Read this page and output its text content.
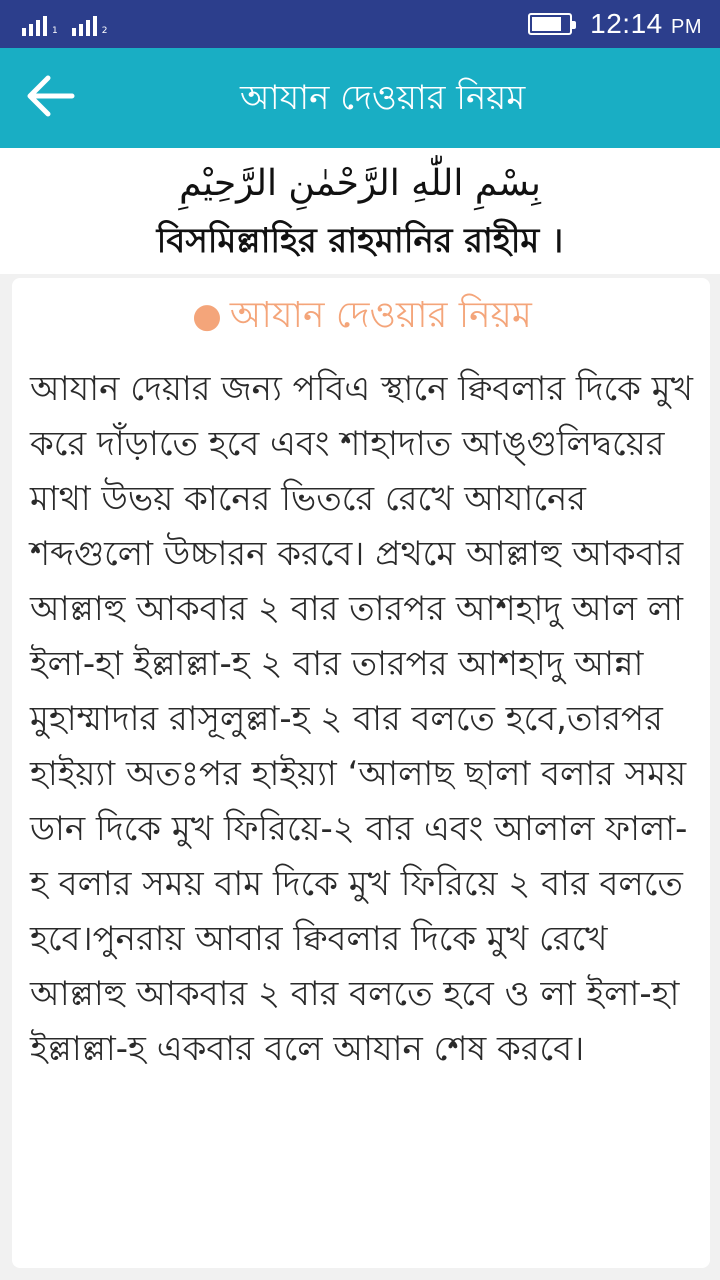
1	2	12:14 PM
আযান দেওয়ার নিয়ম
بِسْمِ اللّٰهِ الرَّحْمٰنِ الرَّحِيْمِ
বিসমিল্লাহির রাহমানির রাহীম ।
● আযান দেওয়ার নিয়ম
আযান দেয়ার জন্য পবিএ স্থানে ক্বিবলার দিকে মুখ করে দাঁড়াতে হবে এবং শাহাদাত আঙ্গুলিদ্বয়ের মাথা উভয় কানের ভিতরে রেখে আযানের শব্দগুলো উচ্চারন করবে। প্রথমে আল্লাহু আকবার আল্লাহু আকবার ২ বার তারপর আশহাদু আল লা ইলা-হা ইল্লাল্লা-হ ২ বার তারপর আশহাদু আন্না মুহাম্মাদার রাসূলুল্লা-হ ২ বার বলতে হবে,তারপর হাইয়্যা অতঃপর হাইয়্যা ‘আলাছ ছালা বলার সময় ডান দিকে মুখ ফিরিয়ে-২ বার এবং আলাল ফালা-হ বলার সময় বাম দিকে মুখ ফিরিয়ে ২ বার বলতে হবে।পুনরায় আবার ক্বিবলার দিকে মুখ রেখে আল্লাহু আকবার ২ বার বলতে হবে ও লা ইলা-হা ইল্লাল্লা-হ একবার বলে আযান শেষ করবে।
